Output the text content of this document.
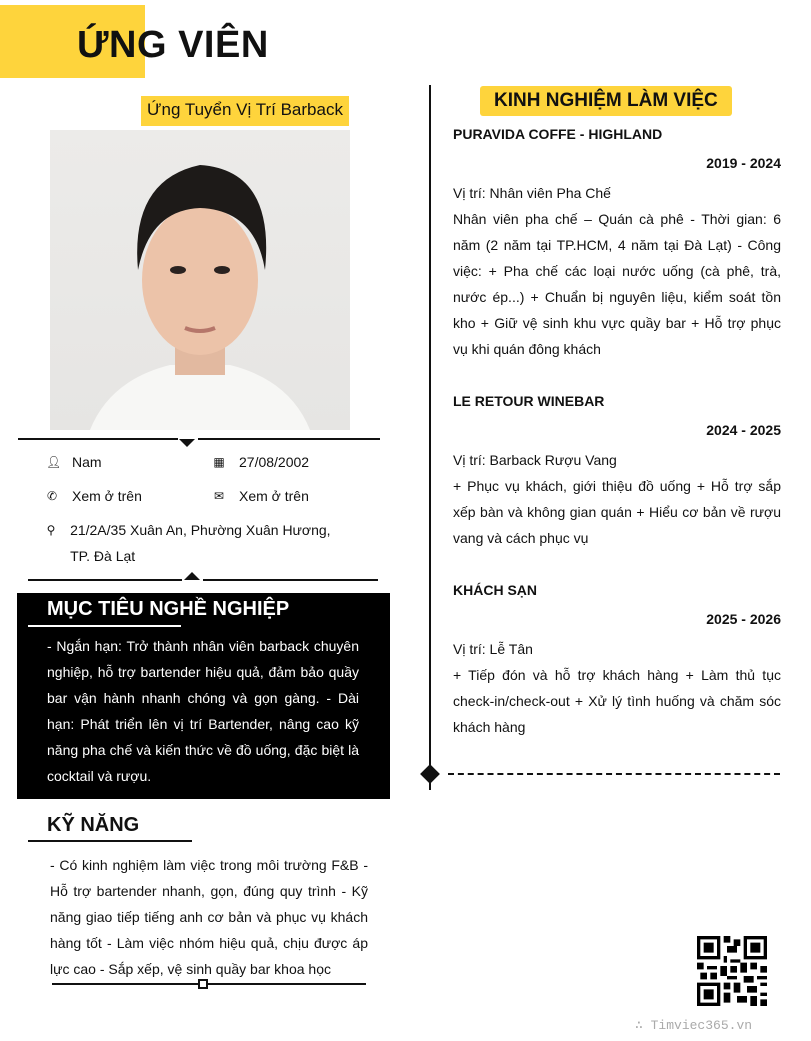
ỨNG VIÊN
Ứng Tuyển Vị Trí Barback
👤︎ Nam	▦ 27/08/2002
✆ Xem ở trên	✉ Xem ở trên
⚲ 21/2A/35 Xuân An, Phường Xuân Hương, TP. Đà Lạt
MỤC TIÊU NGHỀ NGHIỆP
- Ngắn hạn: Trở thành nhân viên barback chuyên nghiệp, hỗ trợ bartender hiệu quả, đảm bảo quầy bar vận hành nhanh chóng và gọn gàng. - Dài hạn: Phát triển lên vị trí Bartender, nâng cao kỹ năng pha chế và kiến thức về đồ uống, đặc biệt là cocktail và rượu.
KỸ NĂNG
- Có kinh nghiệm làm việc trong môi trường F&B - Hỗ trợ bartender nhanh, gọn, đúng quy trình - Kỹ năng giao tiếp tiếng anh cơ bản và phục vụ khách hàng tốt - Làm việc nhóm hiệu quả, chịu được áp lực cao - Sắp xếp, vệ sinh quầy bar khoa học
KINH NGHIỆM LÀM VIỆC
PURAVIDA COFFE - HIGHLAND
2019 - 2024
Vị trí: Nhân viên Pha Chế
Nhân viên pha chế – Quán cà phê - Thời gian: 6 năm (2 năm tại TP.HCM, 4 năm tại Đà Lạt) - Công việc: + Pha chế các loại nước uống (cà phê, trà, nước ép...) + Chuẩn bị nguyên liệu, kiểm soát tồn kho + Giữ vệ sinh khu vực quầy bar + Hỗ trợ phục vụ khi quán đông khách
LE RETOUR WINEBAR
2024 - 2025
Vị trí: Barback Rượu Vang
+ Phục vụ khách, giới thiệu đồ uống + Hỗ trợ sắp xếp bàn và không gian quán + Hiểu cơ bản về rượu vang và cách phục vụ
KHÁCH SẠN
2025 - 2026
Vị trí: Lễ Tân
+ Tiếp đón và hỗ trợ khách hàng + Làm thủ tục check-in/check-out + Xử lý tình huống và chăm sóc khách hàng
∴ Timviec365.vn
